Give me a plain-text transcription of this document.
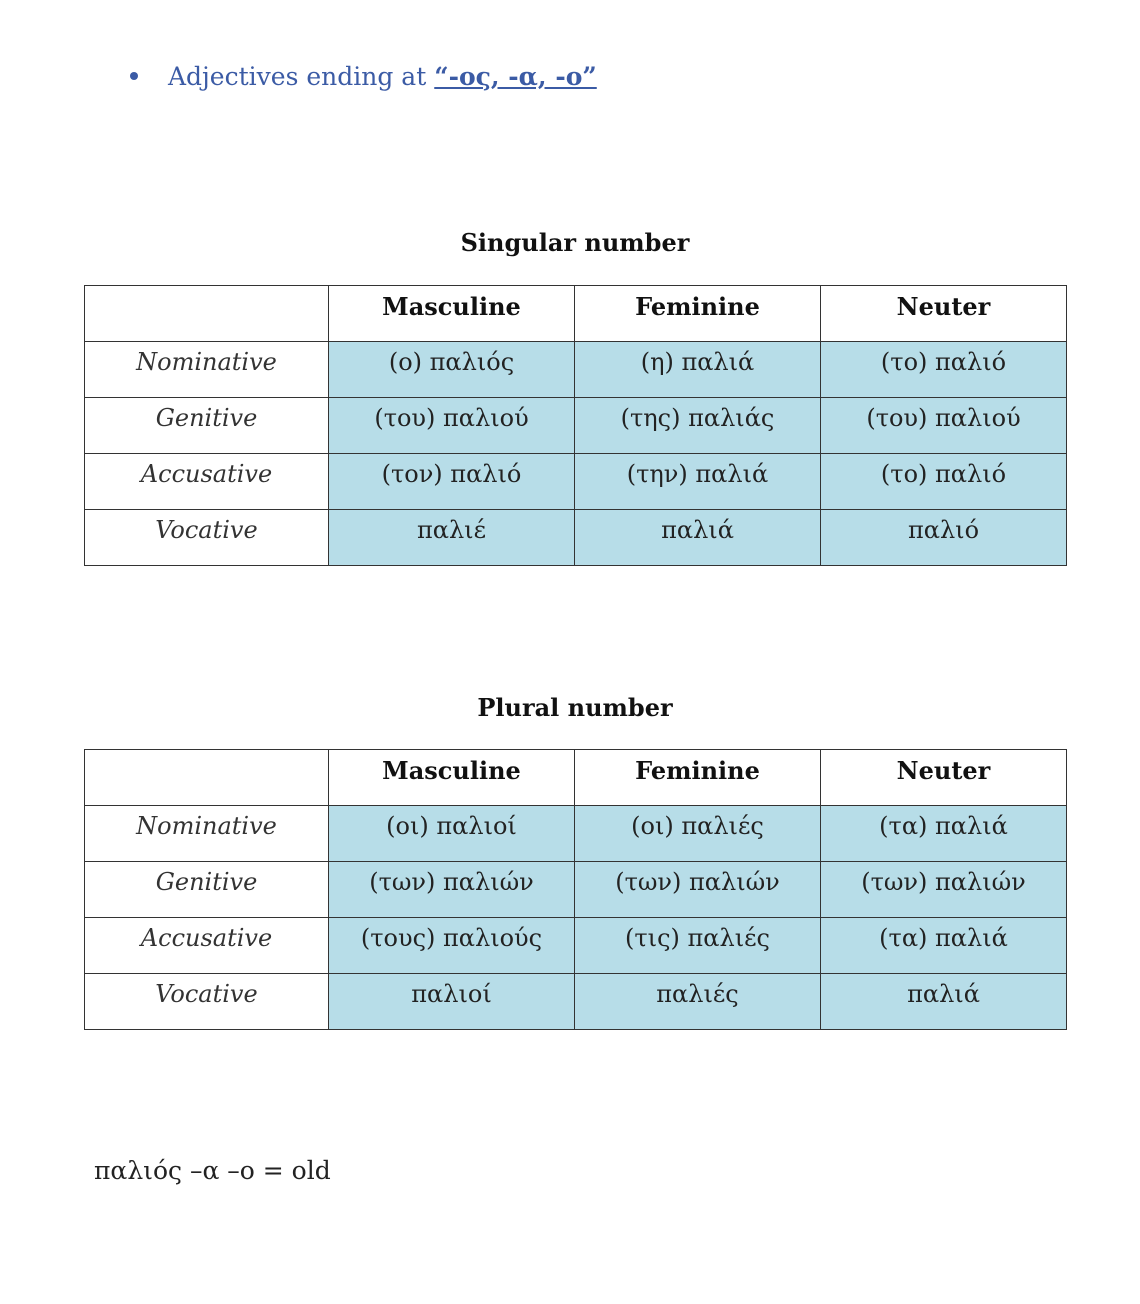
Adjectives ending at “-ος, -α, -ο”
Singular number
	Masculine	Feminine	Neuter
Nominative	(ο) παλιός	(η) παλιά	(το) παλιό
Genitive	(του) παλιού	(της) παλιάς	(του) παλιού
Accusative	(τον) παλιό	(την) παλιά	(το) παλιό
Vocative	παλιέ	παλιά	παλιό
Plural number
	Masculine	Feminine	Neuter
Nominative	(οι) παλιοί	(οι) παλιές	(τα) παλιά
Genitive	(των) παλιών	(των) παλιών	(των) παλιών
Accusative	(τους) παλιούς	(τις) παλιές	(τα) παλιά
Vocative	παλιοί	παλιές	παλιά
παλιός –α –ο = old
